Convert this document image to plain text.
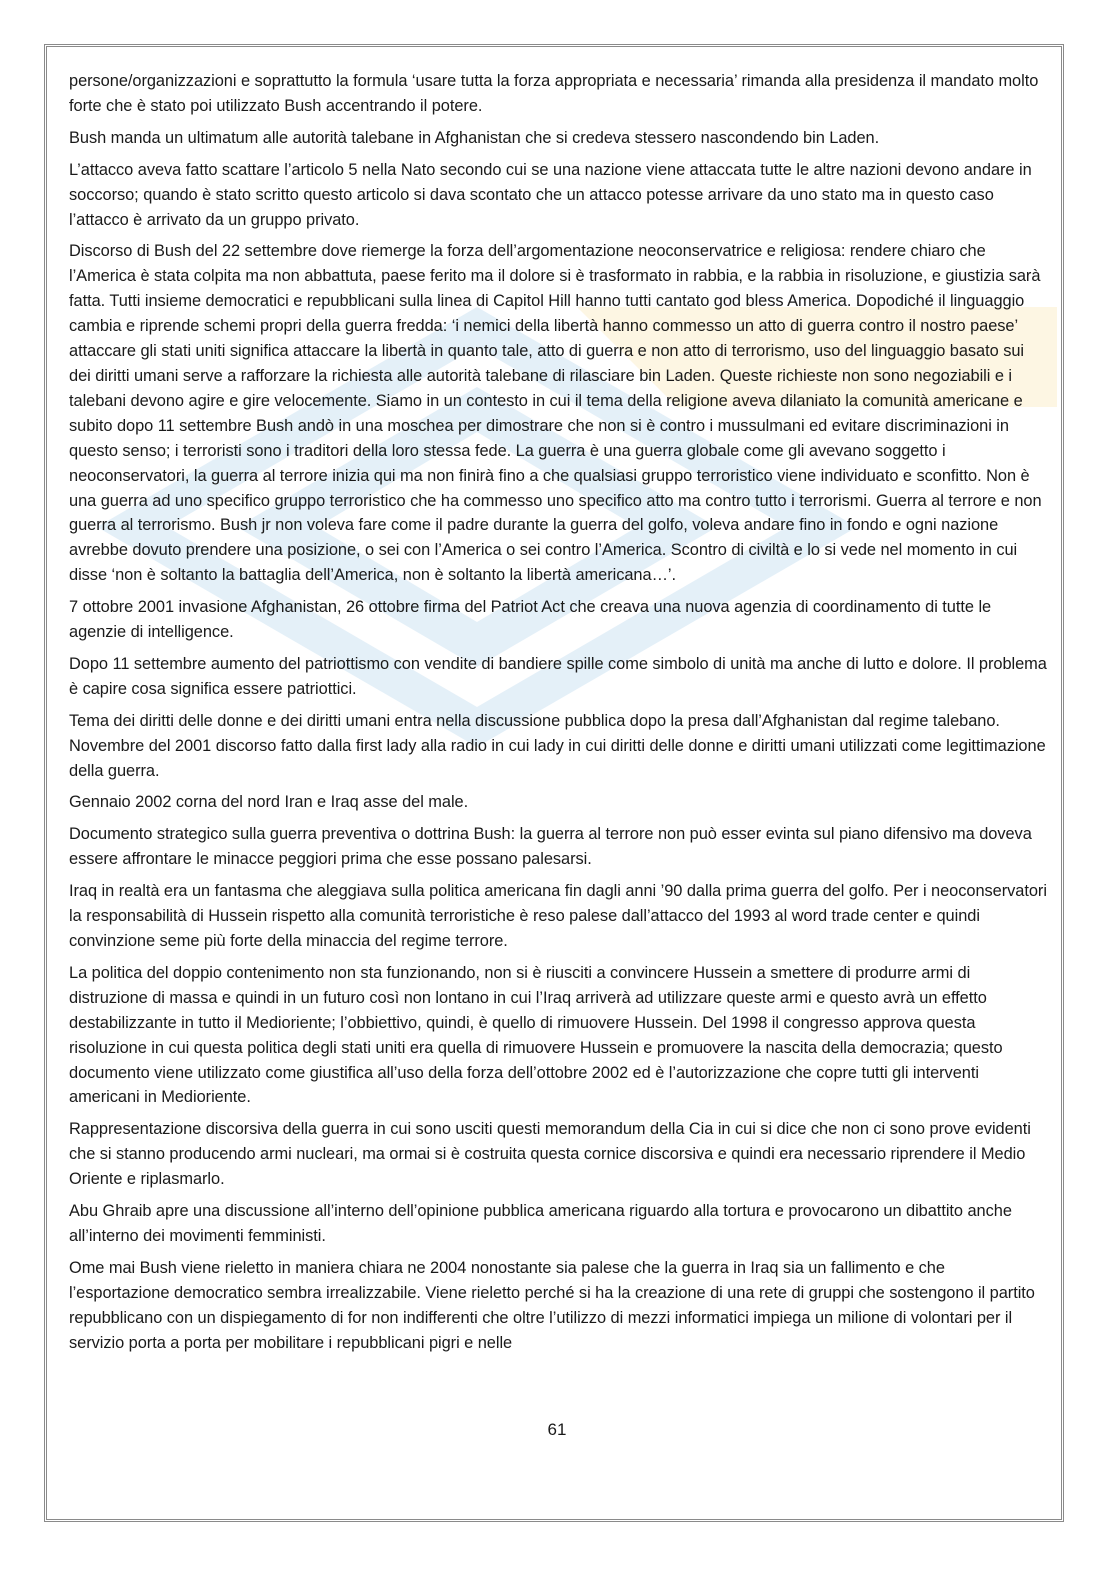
persone/organizzazioni e soprattutto la formula ‘usare tutta la forza appropriata e necessaria’ rimanda alla presidenza il mandato molto forte che è stato poi utilizzato Bush accentrando il potere.

Bush manda un ultimatum alle autorità talebane in Afghanistan che si credeva stessero nascondendo bin Laden.

L’attacco aveva fatto scattare l’articolo 5 nella Nato secondo cui se una nazione viene attaccata tutte le altre nazioni devono andare in soccorso; quando è stato scritto questo articolo si dava scontato che un attacco potesse arrivare da uno stato ma in questo caso l’attacco è arrivato da un gruppo privato.

Discorso di Bush del 22 settembre dove riemerge la forza dell’argomentazione neoconservatrice e religiosa: rendere chiaro che l’America è stata colpita ma non abbattuta, paese ferito ma il dolore si è trasformato in rabbia, e la rabbia in risoluzione, e giustizia sarà fatta. Tutti insieme democratici e repubblicani sulla linea di Capitol Hill hanno tutti cantato god bless America. Dopodiché il linguaggio cambia e riprende schemi propri della guerra fredda: ‘i nemici della libertà hanno commesso un atto di guerra contro il nostro paese’ attaccare gli stati uniti significa attaccare la libertà in quanto tale, atto di guerra e non atto di terrorismo, uso del linguaggio basato sui dei diritti umani serve a rafforzare la richiesta alle autorità talebane di rilasciare bin Laden. Queste richieste non sono negoziabili e i talebani devono agire e gire velocemente. Siamo in un contesto in cui il tema della religione aveva dilaniato la comunità americane e subito dopo 11 settembre Bush andò in una moschea per dimostrare che non si è contro i mussulmani ed evitare discriminazioni in questo senso; i terroristi sono i traditori della loro stessa fede. La guerra è una guerra globale come gli avevano soggetto i neoconservatori, la guerra al terrore inizia qui ma non finirà fino a che qualsiasi gruppo terroristico viene individuato e sconfitto. Non è una guerra ad uno specifico gruppo terroristico che ha commesso uno specifico atto ma contro tutto i terrorismi. Guerra al terrore e non guerra al terrorismo. Bush jr non voleva fare come il padre durante la guerra del golfo, voleva andare fino in fondo e ogni nazione avrebbe dovuto prendere una posizione, o sei con l’America o sei contro l’America. Scontro di civiltà e lo si vede nel momento in cui disse ‘non è soltanto la battaglia dell’America, non è soltanto la libertà americana…’.

7 ottobre 2001 invasione Afghanistan, 26 ottobre firma del Patriot Act che creava una nuova agenzia di coordinamento di tutte le agenzie di intelligence.

Dopo 11 settembre aumento del patriottismo con vendite di bandiere spille come simbolo di unità ma anche di lutto e dolore. Il problema è capire cosa significa essere patriottici.

Tema dei diritti delle donne e dei diritti umani entra nella discussione pubblica dopo la presa dall’Afghanistan dal regime talebano. Novembre del 2001 discorso fatto dalla first lady alla radio in cui lady in cui diritti delle donne e diritti umani utilizzati come legittimazione della guerra.

Gennaio 2002 corna del nord Iran e Iraq asse del male.

Documento strategico sulla guerra preventiva o dottrina Bush: la guerra al terrore non può esser evinta sul piano difensivo ma doveva essere affrontare le minacce peggiori prima che esse possano palesarsi.

Iraq in realtà era un fantasma che aleggiava sulla politica americana fin dagli anni ’90 dalla prima guerra del golfo. Per i neoconservatori la responsabilità di Hussein rispetto alla comunità terroristiche è reso palese dall’attacco del 1993 al word trade center e quindi convinzione seme più forte della minaccia del regime terrore.

La politica del doppio contenimento non sta funzionando, non si è riusciti a convincere Hussein a smettere di produrre armi di distruzione di massa e quindi in un futuro così non lontano in cui l’Iraq arriverà ad utilizzare queste armi e questo avrà un effetto destabilizzante in tutto il Medioriente; l’obbiettivo, quindi, è quello di rimuovere Hussein. Del 1998 il congresso approva questa risoluzione in cui questa politica degli stati uniti era quella di rimuovere Hussein e promuovere la nascita della democrazia; questo documento viene utilizzato come giustifica all’uso della forza dell’ottobre 2002 ed è l’autorizzazione che copre tutti gli interventi americani in Medioriente.

Rappresentazione discorsiva della guerra in cui sono usciti questi memorandum della Cia in cui si dice che non ci sono prove evidenti che si stanno producendo armi nucleari, ma ormai si è costruita questa cornice discorsiva e quindi era necessario riprendere il Medio Oriente e riplasmarlo.

Abu Ghraib apre una discussione all’interno dell’opinione pubblica americana riguardo alla tortura e provocarono un dibattito anche all’interno dei movimenti femministi.

Ome mai Bush viene rieletto in maniera chiara ne 2004 nonostante sia palese che la guerra in Iraq sia un fallimento e che l’esportazione democratico sembra irrealizzabile. Viene rieletto perché si ha la creazione di una rete di gruppi che sostengono il partito repubblicano con un dispiegamento di for non indifferenti che oltre l’utilizzo di mezzi informatici impiega un milione di volontari per il servizio porta a porta per mobilitare i repubblicani pigri e nelle

61
